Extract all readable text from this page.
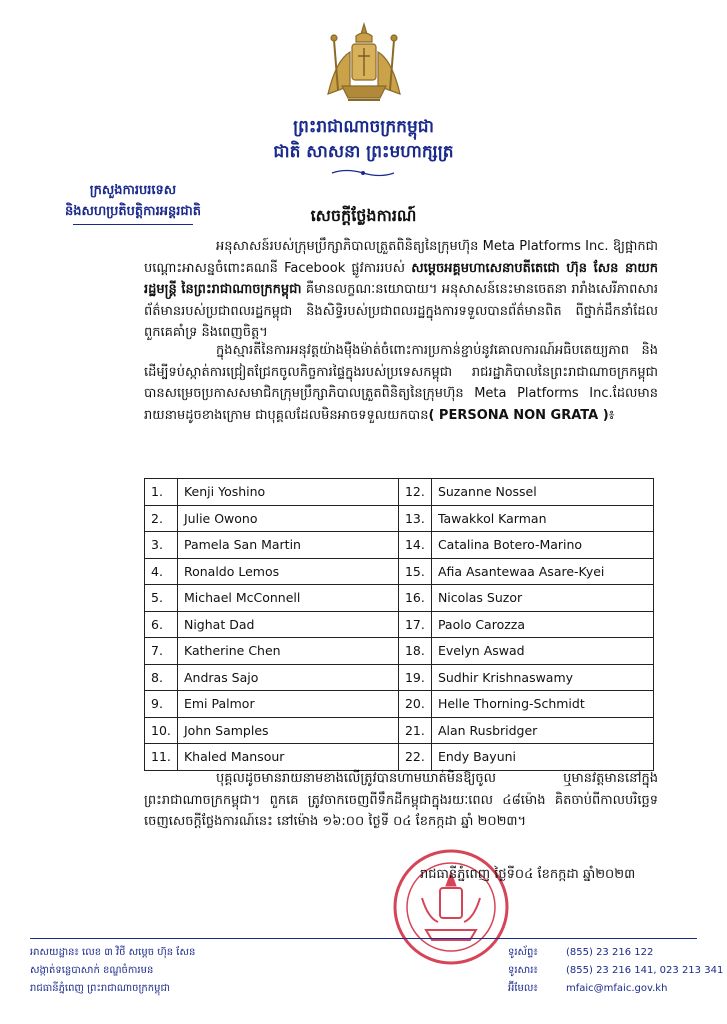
ព្រះរាជាណាចក្រកម្ពុជា
ជាតិ សាសនា ព្រះមហាក្សត្រ
ក្រសួងការបរទេស
និងសហប្រតិបត្តិការអន្តរជាតិ	សេចក្តីថ្លែងការណ៍
អនុសាសន៍របស់ក្រុមប្រឹក្សាភិបាលត្រួតពិនិត្យនៃក្រុមហ៊ុន Meta Platforms Inc. ឱ្យផ្អាកជាបណ្ដោះអាសន្នចំពោះគណនី Facebook ផ្លូវការរបស់ សម្តេចអគ្គមហាសេនាបតីតេជោ ហ៊ុន សែន នាយករដ្ឋមន្រ្តី នៃព្រះរាជាណាចក្រកម្ពុជា គឺមានលក្ខណៈនយោបាយ។ អនុសាសន៍នេះមានចេតនា រារាំងសេរីភាពសារព័ត៌មានរបស់ប្រជាពលរដ្ឋកម្ពុជា និងសិទ្ធិរបស់ប្រជាពលរដ្ឋក្នុងការទទួលបានព័ត៌មានពិត ពីថ្នាក់ដឹកនាំដែលពួកគេគាំទ្រ និងពេញចិត្ត។
ក្នុងស្មារតីនៃការអនុវត្តយ៉ាងម៉ឺងម៉ាត់ចំពោះការប្រកាន់ខ្ជាប់នូវគោលការណ៍អធិបតេយ្យភាព និងដើម្បីទប់ស្កាត់ការជ្រៀតជ្រែកចូលកិច្ចការផ្ទៃក្នុងរបស់ប្រទេសកម្ពុជា រាជរដ្ឋាភិបាលនៃព្រះរាជាណាចក្រកម្ពុជាបានសម្រេចប្រកាសសមាជិកក្រុមប្រឹក្សាភិបាលត្រួតពិនិត្យនៃក្រុមហ៊ុន Meta Platforms Inc.ដែលមានរាយនាមដូចខាងក្រោម ជាបុគ្គលដែលមិនអាចទទួលយកបាន( PERSONA NON GRATA )៖
1.	Kenji Yoshino	12.	Suzanne Nossel
2.	Julie Owono	13.	Tawakkol Karman
3.	Pamela San Martin	14.	Catalina Botero-Marino
4.	Ronaldo Lemos	15.	Afia Asantewaa Asare-Kyei
5.	Michael McConnell	16.	Nicolas Suzor
6.	Nighat Dad	17.	Paolo Carozza
7.	Katherine Chen	18.	Evelyn Aswad
8.	Andras Sajo	19.	Sudhir Krishnaswamy
9.	Emi Palmor	20.	Helle Thorning-Schmidt
10.	John Samples	21.	Alan Rusbridger
11.	Khaled Mansour	22.	Endy Bayuni
បុគ្គលដូចមានរាយនាមខាងលើត្រូវបានហាមឃាត់មិនឱ្យចូល ឬមានវត្តមាននៅក្នុងព្រះរាជាណាចក្រកម្ពុជា។ ពួកគេ ត្រូវចាកចេញពីទឹកដីកម្ពុជាក្នុងរយៈពេល ៤៨ម៉ោង គិតចាប់ពីកាលបរិច្ឆេទចេញសេចក្តីថ្លែងការណ៍នេះ នៅម៉ោង ១៦:០០ ថ្ងៃទី ០៤ ខែកក្កដា ឆ្នាំ ២០២៣។
រាជធានីភ្នំពេញ ថ្ងៃទី០៤ ខែកក្កដា ឆ្នាំ២០២៣
អាសយដ្ឋាន៖ លេខ ៣ វិថី សម្តេច ហ៊ុន សែន
សង្កាត់ទន្លេបាសាក់ ខណ្ឌចំការមន
រាជធានីភ្នំពេញ ព្រះរាជាណាចក្រកម្ពុជា
ទូរស័ព្ទ៖	(855) 23 216 122
ទូរសារ៖	(855) 23 216 141, 023 213 341
អ៊ីមែល៖	mfaic@mfaic.gov.kh
